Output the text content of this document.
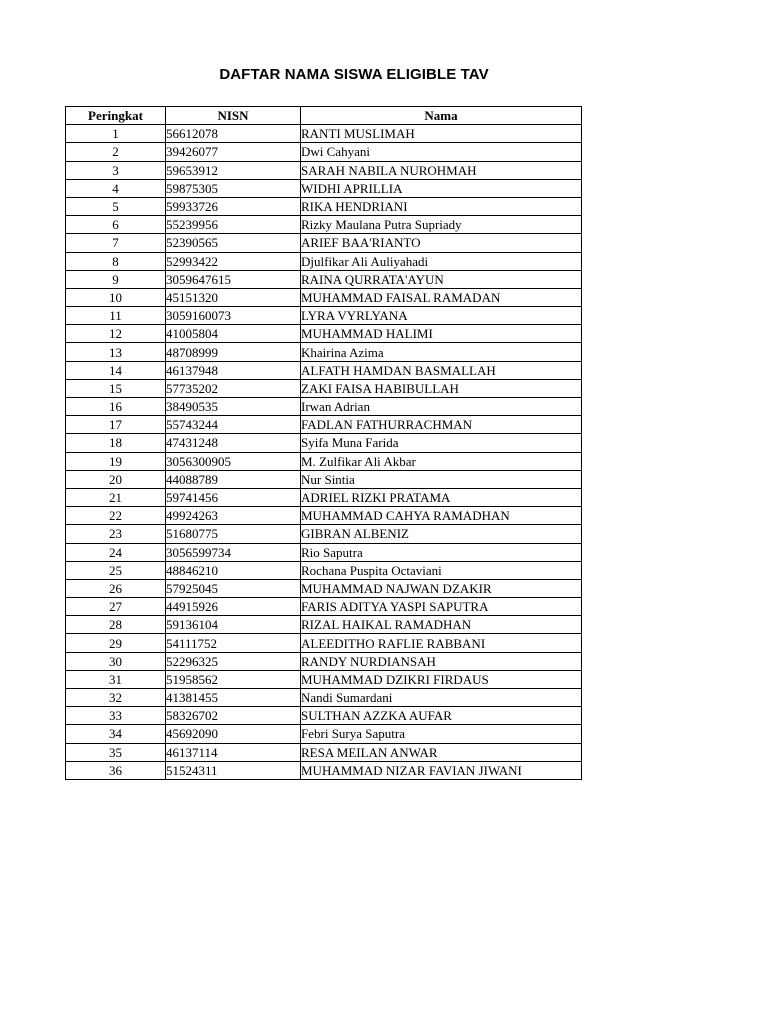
DAFTAR NAMA SISWA ELIGIBLE TAV
Peringkat	NISN	Nama
1	56612078	RANTI MUSLIMAH
2	39426077	Dwi Cahyani
3	59653912	SARAH NABILA NUROHMAH
4	59875305	WIDHI APRILLIA
5	59933726	RIKA HENDRIANI
6	55239956	Rizky Maulana Putra Supriady
7	52390565	ARIEF BAA'RIANTO
8	52993422	Djulfikar Ali Auliyahadi
9	3059647615	RAINA QURRATA'AYUN
10	45151320	MUHAMMAD FAISAL RAMADAN
11	3059160073	LYRA VYRLYANA
12	41005804	MUHAMMAD HALIMI
13	48708999	Khairina Azima
14	46137948	ALFATH HAMDAN BASMALLAH
15	57735202	ZAKI FAISA HABIBULLAH
16	38490535	Irwan Adrian
17	55743244	FADLAN FATHURRACHMAN
18	47431248	Syifa Muna Farida
19	3056300905	M. Zulfikar Ali Akbar
20	44088789	Nur Sintia
21	59741456	ADRIEL RIZKI PRATAMA
22	49924263	MUHAMMAD CAHYA RAMADHAN
23	51680775	GIBRAN ALBENIZ
24	3056599734	Rio Saputra
25	48846210	Rochana Puspita Octaviani
26	57925045	MUHAMMAD NAJWAN DZAKIR
27	44915926	FARIS ADITYA YASPI SAPUTRA
28	59136104	RIZAL HAIKAL RAMADHAN
29	54111752	ALEEDITHO RAFLIE RABBANI
30	52296325	RANDY NURDIANSAH
31	51958562	MUHAMMAD DZIKRI FIRDAUS
32	41381455	Nandi Sumardani
33	58326702	SULTHAN AZZKA AUFAR
34	45692090	Febri Surya Saputra
35	46137114	RESA MEILAN ANWAR
36	51524311	MUHAMMAD NIZAR FAVIAN JIWANI
